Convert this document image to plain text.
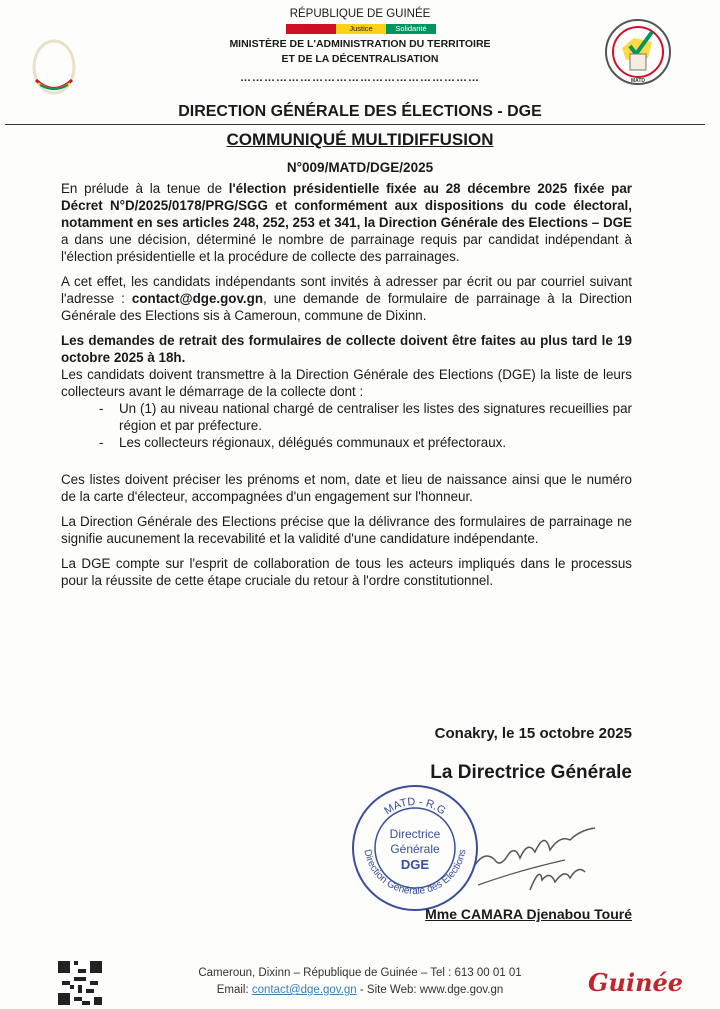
RÉPUBLIQUE DE GUINÉE
Travail	Justice	Solidarité
MINISTÈRE DE L'ADMINISTRATION DU TERRITOIRE
ET DE LA DÉCENTRALISATION
……………………………………………………	MATD
DIRECTION GÉNÉRALE DES ÉLECTIONS - DGE
COMMUNIQUÉ MULTIDIFFUSION
N°009/MATD/DGE/2025

En prélude à la tenue de l'élection présidentielle fixée au 28 décembre 2025 fixée par Décret N°D/2025/0178/PRG/SGG et conformément aux dispositions du code électoral, notamment en ses articles 248, 252, 253 et 341, la Direction Générale des Elections – DGE a dans une décision, déterminé le nombre de parrainage requis par candidat indépendant à l'élection présidentielle et la procédure de collecte des parrainages.

A cet effet, les candidats indépendants sont invités à adresser par écrit ou par courriel suivant l'adresse : contact@dge.gov.gn, une demande de formulaire de parrainage à la Direction Générale des Elections sis à Cameroun, commune de Dixinn.

Les demandes de retrait des formulaires de collecte doivent être faites au plus tard le 19 octobre 2025 à 18h.

Les candidats doivent transmettre à la Direction Générale des Elections (DGE) la liste de leurs collecteurs avant le démarrage de la collecte dont :

- Un (1) au niveau national chargé de centraliser les listes des signatures recueillies par région et par préfecture.
- Les collecteurs régionaux, délégués communaux et préfectoraux.

Ces listes doivent préciser les prénoms et nom, date et lieu de naissance ainsi que le numéro de la carte d'électeur, accompagnées d'un engagement sur l'honneur.

La Direction Générale des Elections précise que la délivrance des formulaires de parrainage ne signifie aucunement la recevabilité et la validité d'une candidature indépendante.

La DGE compte sur l'esprit de collaboration de tous les acteurs impliqués dans le processus pour la réussite de cette étape cruciale du retour à l'ordre constitutionnel.

Conakry, le 15 octobre 2025
La Directrice Générale
MATD - R.G
Direction Générale des Elections
Directrice
Générale
DGE
Mme CAMARA Djenabou Touré
Cameroun, Dixinn – République de Guinée – Tel : 613 00 01 01
Email: contact@dge.gov.gn - Site Web: www.dge.gov.gn	Guinée
